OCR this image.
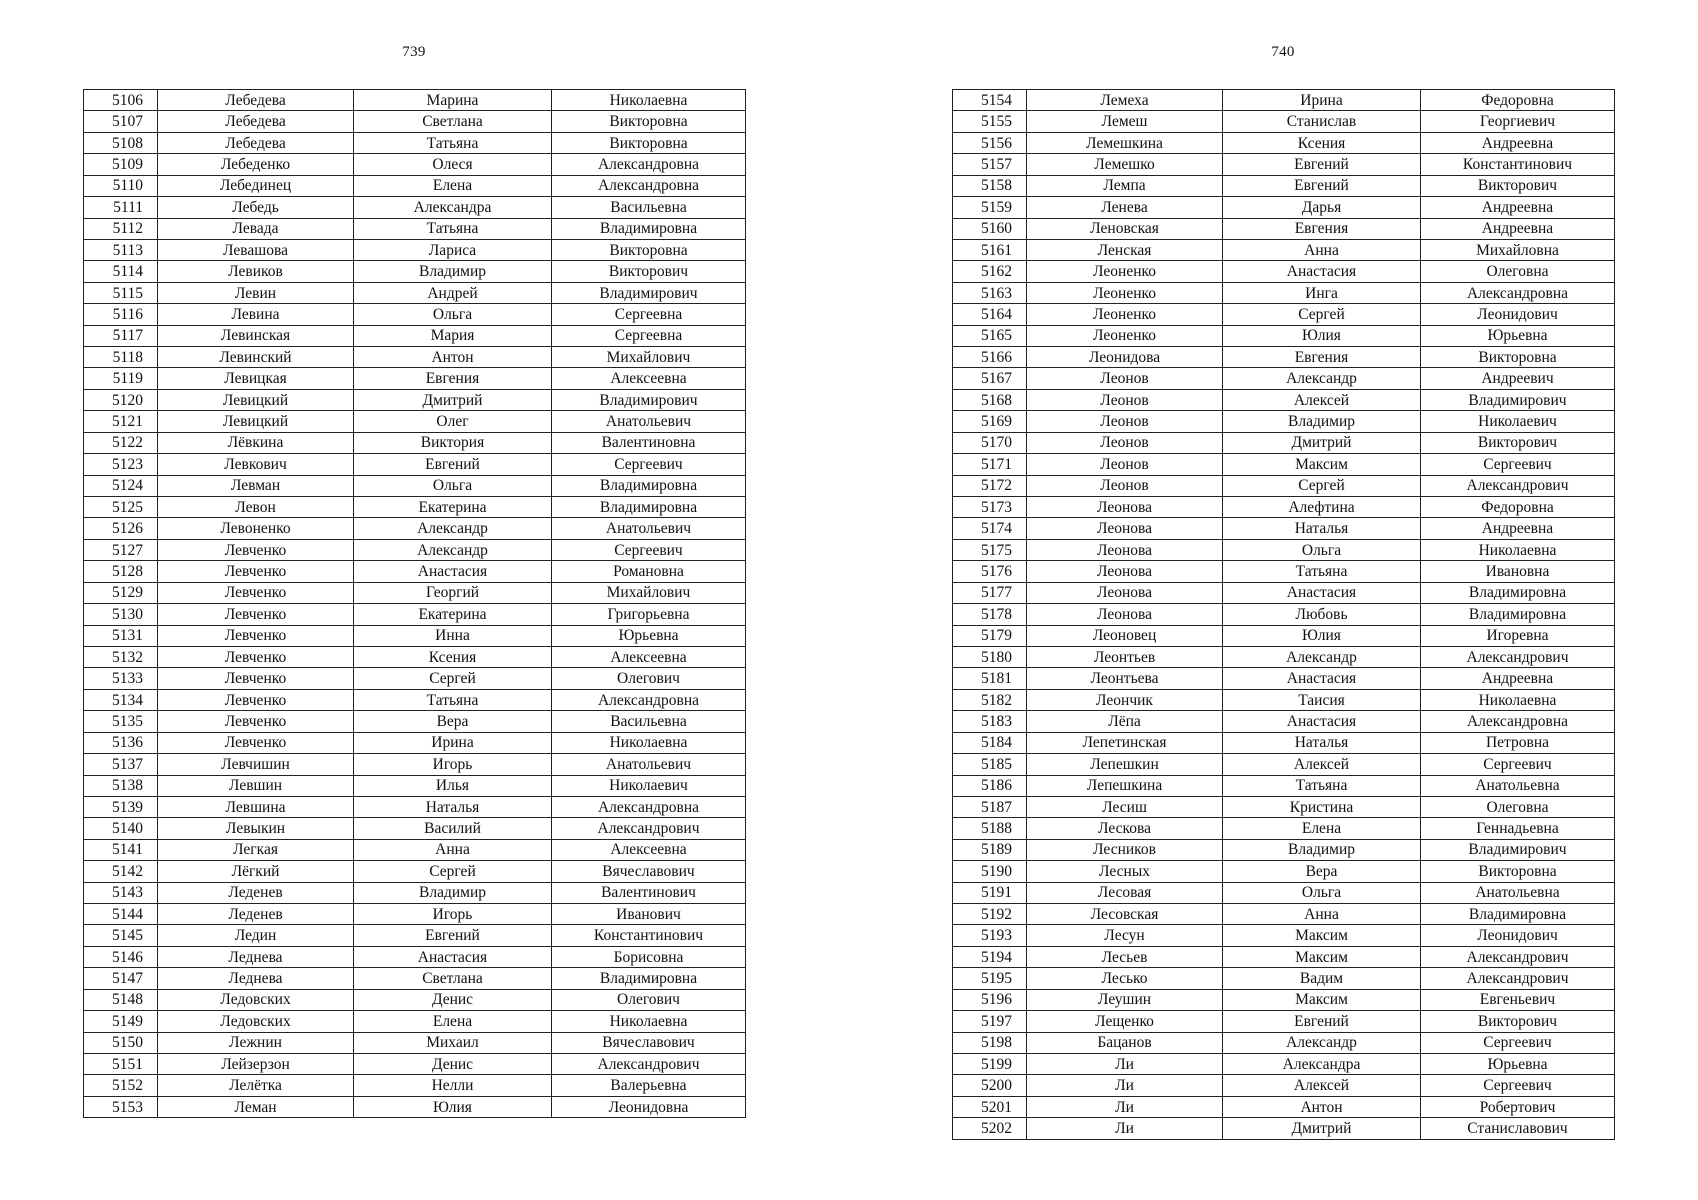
739
5106	Лебедева	Марина	Николаевна
5107	Лебедева	Светлана	Викторовна
5108	Лебедева	Татьяна	Викторовна
5109	Лебеденко	Олеся	Александровна
5110	Лебединец	Елена	Александровна
5111	Лебедь	Александра	Васильевна
5112	Левада	Татьяна	Владимировна
5113	Левашова	Лариса	Викторовна
5114	Левиков	Владимир	Викторович
5115	Левин	Андрей	Владимирович
5116	Левина	Ольга	Сергеевна
5117	Левинская	Мария	Сергеевна
5118	Левинский	Антон	Михайлович
5119	Левицкая	Евгения	Алексеевна
5120	Левицкий	Дмитрий	Владимирович
5121	Левицкий	Олег	Анатольевич
5122	Лёвкина	Виктория	Валентиновна
5123	Левкович	Евгений	Сергеевич
5124	Левман	Ольга	Владимировна
5125	Левон	Екатерина	Владимировна
5126	Левоненко	Александр	Анатольевич
5127	Левченко	Александр	Сергеевич
5128	Левченко	Анастасия	Романовна
5129	Левченко	Георгий	Михайлович
5130	Левченко	Екатерина	Григорьевна
5131	Левченко	Инна	Юрьевна
5132	Левченко	Ксения	Алексеевна
5133	Левченко	Сергей	Олегович
5134	Левченко	Татьяна	Александровна
5135	Левченко	Вера	Васильевна
5136	Левченко	Ирина	Николаевна
5137	Левчишин	Игорь	Анатольевич
5138	Левшин	Илья	Николаевич
5139	Левшина	Наталья	Александровна
5140	Левыкин	Василий	Александрович
5141	Легкая	Анна	Алексеевна
5142	Лёгкий	Сергей	Вячеславович
5143	Леденев	Владимир	Валентинович
5144	Леденев	Игорь	Иванович
5145	Ледин	Евгений	Константинович
5146	Леднева	Анастасия	Борисовна
5147	Леднева	Светлана	Владимировна
5148	Ледовских	Денис	Олегович
5149	Ледовских	Елена	Николаевна
5150	Лежнин	Михаил	Вячеславович
5151	Лейзерзон	Денис	Александрович
5152	Лелётка	Нелли	Валерьевна
5153	Леман	Юлия	Леонидовна
740
5154	Лемеха	Ирина	Федоровна
5155	Лемеш	Станислав	Георгиевич
5156	Лемешкина	Ксения	Андреевна
5157	Лемешко	Евгений	Константинович
5158	Лемпа	Евгений	Викторович
5159	Ленева	Дарья	Андреевна
5160	Леновская	Евгения	Андреевна
5161	Ленская	Анна	Михайловна
5162	Леоненко	Анастасия	Олеговна
5163	Леоненко	Инга	Александровна
5164	Леоненко	Сергей	Леонидович
5165	Леоненко	Юлия	Юрьевна
5166	Леонидова	Евгения	Викторовна
5167	Леонов	Александр	Андреевич
5168	Леонов	Алексей	Владимирович
5169	Леонов	Владимир	Николаевич
5170	Леонов	Дмитрий	Викторович
5171	Леонов	Максим	Сергеевич
5172	Леонов	Сергей	Александрович
5173	Леонова	Алефтина	Федоровна
5174	Леонова	Наталья	Андреевна
5175	Леонова	Ольга	Николаевна
5176	Леонова	Татьяна	Ивановна
5177	Леонова	Анастасия	Владимировна
5178	Леонова	Любовь	Владимировна
5179	Леоновец	Юлия	Игоревна
5180	Леонтьев	Александр	Александрович
5181	Леонтьева	Анастасия	Андреевна
5182	Леончик	Таисия	Николаевна
5183	Лёпа	Анастасия	Александровна
5184	Лепетинская	Наталья	Петровна
5185	Лепешкин	Алексей	Сергеевич
5186	Лепешкина	Татьяна	Анатольевна
5187	Лесиш	Кристина	Олеговна
5188	Лескова	Елена	Геннадьевна
5189	Лесников	Владимир	Владимирович
5190	Лесных	Вера	Викторовна
5191	Лесовая	Ольга	Анатольевна
5192	Лесовская	Анна	Владимировна
5193	Лесун	Максим	Леонидович
5194	Лесьев	Максим	Александрович
5195	Лесько	Вадим	Александрович
5196	Леушин	Максим	Евгеньевич
5197	Лещенко	Евгений	Викторович
5198	Бацанов	Александр	Сергеевич
5199	Ли	Александра	Юрьевна
5200	Ли	Алексей	Сергеевич
5201	Ли	Антон	Робертович
5202	Ли	Дмитрий	Станиславович
